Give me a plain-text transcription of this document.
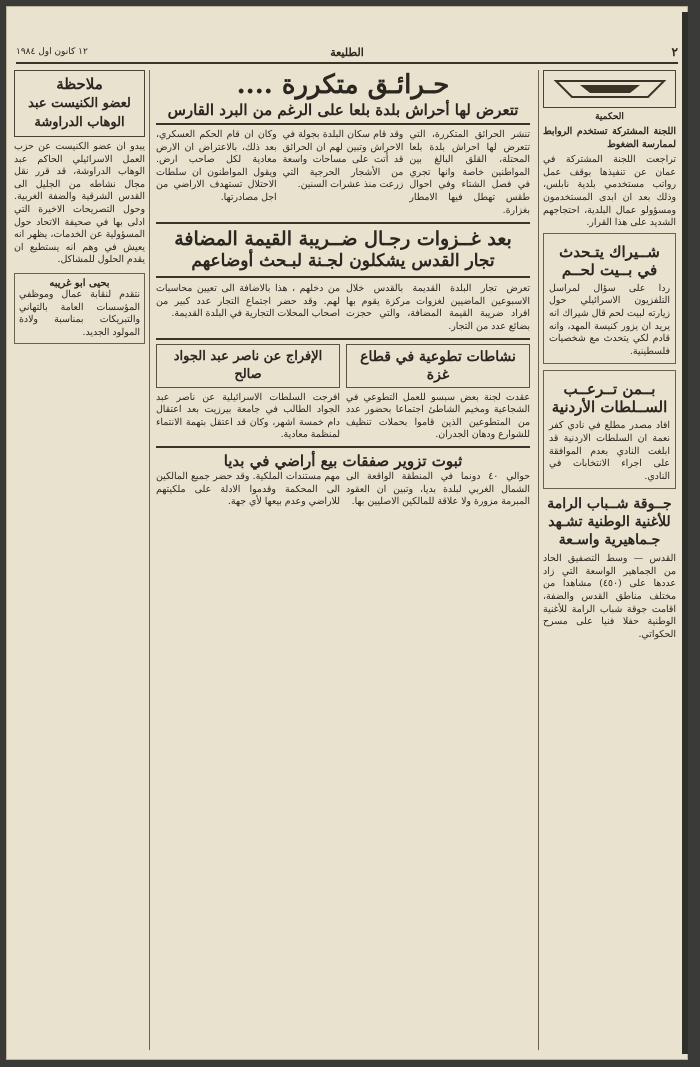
٢
الطليعة
١٢ كانون اول ١٩٨٤
الحكمية

اللجنة المشتركة تستخدم الروابط لممارسة الضغوط

تراجعت اللجنة المشتركة في عمان عن تنفيذها بوقف عمل رواتب مستخدمي بلدية نابلس، وذلك بعد ان ابدى المستخدمون ومسؤولو عمال البلدية، احتجاجهم الشديد على هذا القرار.

شــيراك يتـحدث في بــيت لحــم
ردا على سؤال لمراسل التلفزيون الاسرائيلي حول زيارته لبيت لحم قال شيراك انه يريد ان يزور كنيسة المهد، وانه قادم لكي يتحدث مع شخصيات فلسطينية.
بــمن تــرعــب الســلطات الأردنية
افاد مصدر مطلع في نادي كفر نعمة ان السلطات الاردنية قد ابلغت النادي بعدم الموافقة على اجراء الانتخابات في النادي.
جــوقة شــباب الرامة للأغنية الوطنية تشـهد جـماهيرية واسـعة
القدس — وسط التصفيق الحاد من الجماهير الواسعة التي زاد عددها على (٤٥٠) مشاهدا من مختلف مناطق القدس والضفة، اقامت جوقة شباب الرامة للأغنية الوطنية حفلا فنيا على مسرح الحكواتي.
ملاحظة
لعضو الكنيست عبد الوهاب الدراوشة
يبدو ان عضو الكنيست عن حزب العمل الاسرائيلي الحاكم عبد الوهاب الدراوشة، قد قرر نقل مجال نشاطه من الجليل الى القدس الشرقية والضفة الغربية. وحول التصريحات الاخيرة التي ادلى بها في صحيفة الاتحاد حول المسؤولية عن الخدمات، يظهر انه يعيش في وهم انه يستطيع ان يقدم الحلول للمشاكل.
بحيى ابو غريبه
نتقدم لنقابة عمال وموظفي المؤسسات العامة بالتهاني والتبريكات بمناسبة ولادة المولود الجديد.
حـرائـق متكررة ....
تتعرض لها أحراش بلدة بلعا على الرغم من البرد القارس
تنشر الحرائق المتكررة، التي تتعرض لها احراش بلدة بلعا المحتلة، القلق البالغ بين المواطنين خاصة وانها تجري في فصل الشتاء وفي احوال طقس تهطل فيها الامطار بغزارة.
وقد قام سكان البلدة بجولة في الاحراش وتبين لهم ان الحرائق قد أتت على مساحات واسعة من الأشجار الحرجية التي زرعت منذ عشرات السنين.
وكان ان قام الحكم العسكري، بعد ذلك، بالاعتراض ان الارض معادية لكل صاحب ارض. ويقول المواطنون ان سلطات الاحتلال تستهدف الاراضي من اجل مصادرتها.
بعد غــزوات رجـال ضــريبة القيمة المضافة
تجار القدس يشكلون لجـنة لبـحث أوضاعهم
تعرض تجار البلدة القديمة بالقدس خلال الاسبوعين الماضيين لغزوات مركزة يقوم بها افراد ضريبة القيمة المضافة، والتي حجزت بضائع عدد من التجار.
من دخلهم ، هذا بالاضافة الى تعيين محاسبات لهم. وقد حضر اجتماع التجار عدد كبير من اصحاب المحلات التجارية في البلدة القديمة.
نشاطات تطوعية في قطاع غزة
عقدت لجنة بعض سبسو للعمل التطوعي في الشجاعية ومخيم الشاطئ اجتماعا بحضور عدد من المتطوعين الذين قاموا بحملات تنظيف للشوارع ودهان الجدران.
الإفراج عن ناصر عبد الجواد صالح
افرجت السلطات الاسرائيلية عن ناصر عبد الجواد الطالب في جامعة بيرزيت بعد اعتقال دام خمسة اشهر، وكان قد اعتقل بتهمة الانتماء لمنظمة معادية.
ثبوت تزوير صفقات بيع أراضي في بديا
حوالي ٤٠ دونما في المنطقة الواقعة الى الشمال الغربي لبلدة بديا، وتبين ان العقود المبرمة مزورة ولا علاقة للمالكين الاصليين بها.
مهم مستندات الملكية. وقد حضر جميع المالكين الى المحكمة وقدموا الادلة على ملكيتهم للاراضي وعدم بيعها لأي جهة.
